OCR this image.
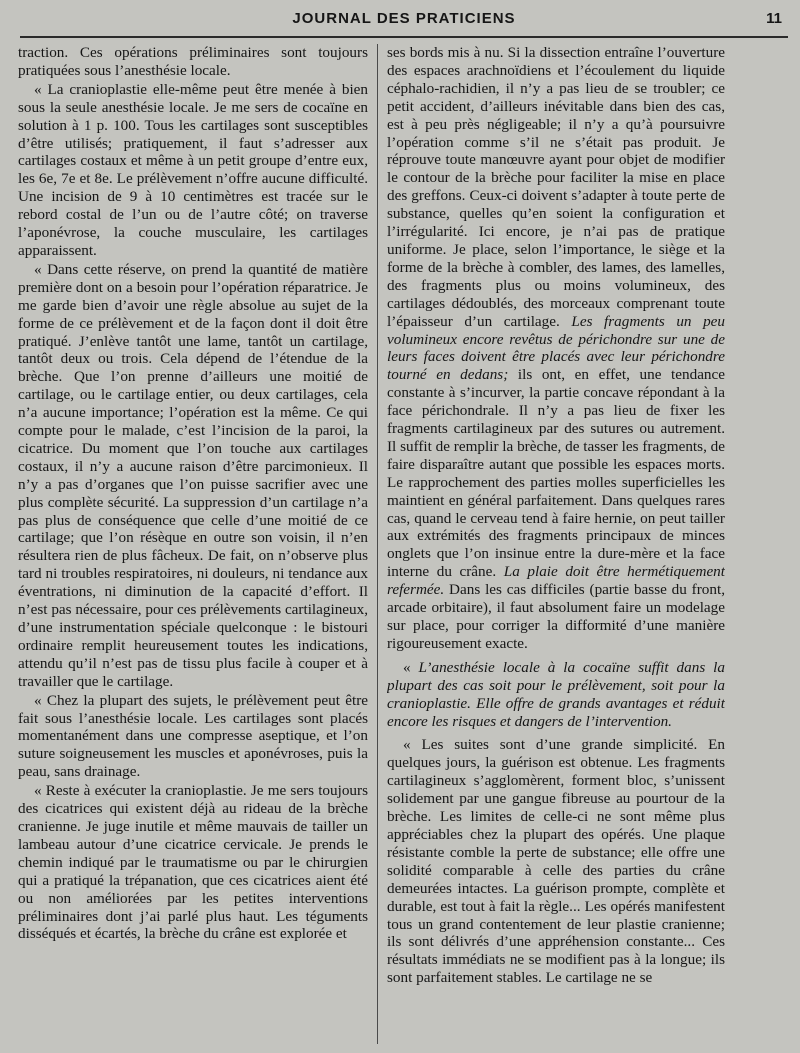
JOURNAL DES PRATICIENS	11

traction. Ces opérations préliminaires sont toujours pratiquées sous l’anesthésie locale.

« La cranioplastie elle-même peut être menée à bien sous la seule anesthésie locale. Je me sers de cocaïne en solution à 1 p. 100. Tous les cartilages sont susceptibles d’être utilisés; pratiquement, il faut s’adresser aux cartilages costaux et même à un petit groupe d’entre eux, les 6e, 7e et 8e. Le prélèvement n’offre aucune difficulté. Une incision de 9 à 10 centimètres est tracée sur le rebord costal de l’un ou de l’autre côté; on traverse l’aponévrose, la couche musculaire, les cartilages apparaissent.

« Dans cette réserve, on prend la quantité de matière première dont on a besoin pour l’opération réparatrice. Je me garde bien d’avoir une règle absolue au sujet de la forme de ce prélèvement et de la façon dont il doit être pratiqué. J’enlève tantôt une lame, tantôt un cartilage, tantôt deux ou trois. Cela dépend de l’étendue de la brèche. Que l’on prenne d’ailleurs une moitié de cartilage, ou le cartilage entier, ou deux cartilages, cela n’a aucune importance; l’opération est la même. Ce qui compte pour le malade, c’est l’incision de la paroi, la cicatrice. Du moment que l’on touche aux cartilages costaux, il n’y a aucune raison d’être parcimonieux. Il n’y a pas d’organes que l’on puisse sacrifier avec une plus complète sécurité. La suppression d’un cartilage n’a pas plus de conséquence que celle d’une moitié de ce cartilage; que l’on résèque en outre son voisin, il n’en résultera rien de plus fâcheux. De fait, on n’observe plus tard ni troubles respiratoires, ni douleurs, ni tendance aux éventrations, ni diminution de la capacité d’effort. Il n’est pas nécessaire, pour ces prélèvements cartilagineux, d’une instrumentation spéciale quelconque : le bistouri ordinaire remplit heureusement toutes les indications, attendu qu’il n’est pas de tissu plus facile à couper et à travailler que le cartilage.

« Chez la plupart des sujets, le prélèvement peut être fait sous l’anesthésie locale. Les cartilages sont placés momentanément dans une compresse aseptique, et l’on suture soigneusement les muscles et aponévroses, puis la peau, sans drainage.

« Reste à exécuter la cranioplastie. Je me sers toujours des cicatrices qui existent déjà au rideau de la brèche cranienne. Je juge inutile et même mauvais de tailler un lambeau autour d’une cicatrice cervicale. Je prends le chemin indiqué par le traumatisme ou par le chirurgien qui a pratiqué la trépanation, que ces cicatrices aient été ou non améliorées par les petites interventions préliminaires dont j’ai parlé plus haut. Les téguments disséqués et écartés, la brèche du crâne est explorée et

ses bords mis à nu. Si la dissection entraîne l’ouverture des espaces arachnoïdiens et l’écoulement du liquide céphalo-rachidien, il n’y a pas lieu de se troubler; ce petit accident, d’ailleurs inévitable dans bien des cas, est à peu près négligeable; il n’y a qu’à poursuivre l’opération comme s’il ne s’était pas produit. Je réprouve toute manœuvre ayant pour objet de modifier le contour de la brèche pour faciliter la mise en place des greffons. Ceux-ci doivent s’adapter à toute perte de substance, quelles qu’en soient la configuration et l’irrégularité. Ici encore, je n’ai pas de pratique uniforme. Je place, selon l’importance, le siège et la forme de la brèche à combler, des lames, des lamelles, des fragments plus ou moins volumineux, des cartilages dédoublés, des morceaux comprenant toute l’épaisseur d’un cartilage. Les fragments un peu volumineux encore revêtus de périchondre sur une de leurs faces doivent être placés avec leur périchondre tourné en dedans; ils ont, en effet, une tendance constante à s’incurver, la partie concave répondant à la face périchondrale. Il n’y a pas lieu de fixer les fragments cartilagineux par des sutures ou autrement. Il suffit de remplir la brèche, de tasser les fragments, de faire disparaître autant que possible les espaces morts. Le rapprochement des parties molles superficielles les maintient en général parfaitement. Dans quelques rares cas, quand le cerveau tend à faire hernie, on peut tailler aux extrémités des fragments principaux de minces onglets que l’on insinue entre la dure-mère et la face interne du crâne. La plaie doit être hermétiquement refermée. Dans les cas difficiles (partie basse du front, arcade orbitaire), il faut absolument faire un modelage sur place, pour corriger la difformité d’une manière rigoureusement exacte.

« L’anesthésie locale à la cocaïne suffit dans la plupart des cas soit pour le prélèvement, soit pour la cranioplastie. Elle offre de grands avantages et réduit encore les risques et dangers de l’intervention.

« Les suites sont d’une grande simplicité. En quelques jours, la guérison est obtenue. Les fragments cartilagineux s’agglomèrent, forment bloc, s’unissent solidement par une gangue fibreuse au pourtour de la brèche. Les limites de celle-ci ne sont même plus appréciables chez la plupart des opérés. Une plaque résistante comble la perte de substance; elle offre une solidité comparable à celle des parties du crâne demeurées intactes. La guérison prompte, complète et durable, est tout à fait la règle... Les opérés manifestent tous un grand contentement de leur plastie cranienne; ils sont délivrés d’une appréhension constante... Ces résultats immédiats ne se modifient pas à la longue; ils sont parfaitement stables. Le cartilage ne se
